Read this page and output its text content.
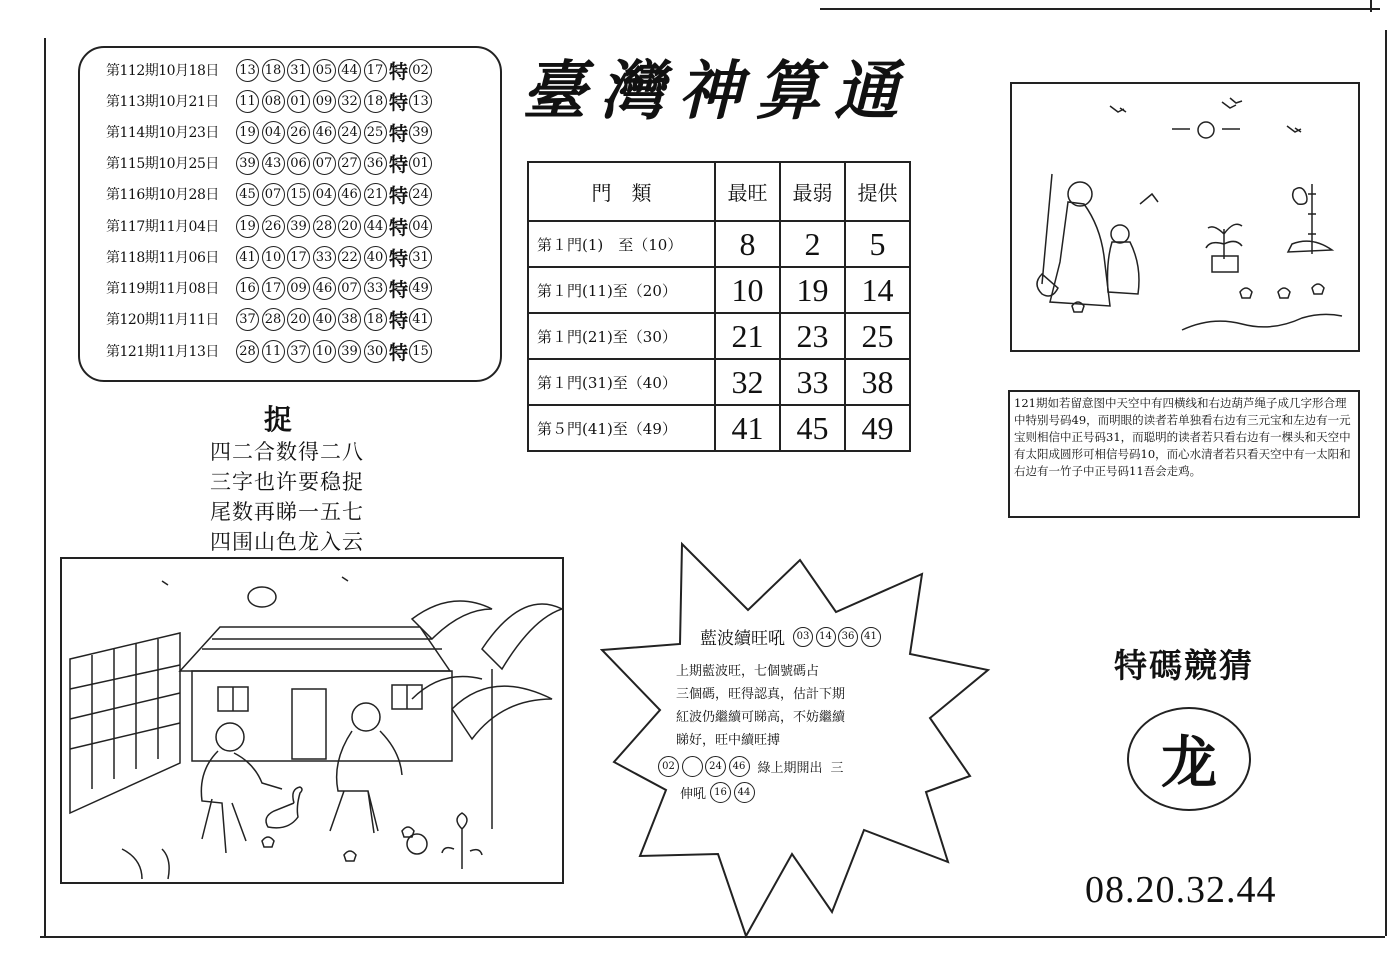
第112期10月18日	13 18 31 05 44 17 特 02
第113期10月21日	11 08 01 09 32 18 特 13
第114期10月23日	19 04 26 46 24 25 特 39
第115期10月25日	39 43 06 07 27 36 特 01
第116期10月28日	45 07 15 04 46 21 特 24
第117期11月04日	19 26 39 28 20 44 特 04
第118期11月06日	41 10 17 33 22 40 特 31
第119期11月08日	16 17 09 46 07 33 特 49
第120期11月11日	37 28 20 40 38 18 特 41
第121期11月13日	28 11 37 10 39 30 特 15
臺灣神算通
門　類	最旺	最弱	提供
第１門(1)　至（10）	8	2	5
第１門(11)至（20）	10	19	14
第１門(21)至（30）	21	23	25
第１門(31)至（40）	32	33	38
第５門(41)至（49）	41	45	49
捉
四二合数得二八
三字也许要稳捉
尾数再睇一五七
四围山色龙入云
121期如若留意图中天空中有四横线和右边葫芦绳子成几字形合理中特别号码49，而明眼的读者若单独看右边有三元宝和左边有一元宝则相信中正号码31，而聪明的读者若只看右边有一棵头和天空中有太阳成圆形可相信号码10，而心水清者若只看天空中有一太阳和右边有一竹子中正号码11吾会走鸡。
藍波續旺吼	03 14 36 41
上期藍波旺，七個號碼占
三個碼，旺得認真，估計下期
紅波仍繼續可睇高，不妨繼續
睇好，旺中續旺搏
02	24	46 綠上期開出 三
伸吼 16	44
特碼競猜
龙
08.20.32.44
